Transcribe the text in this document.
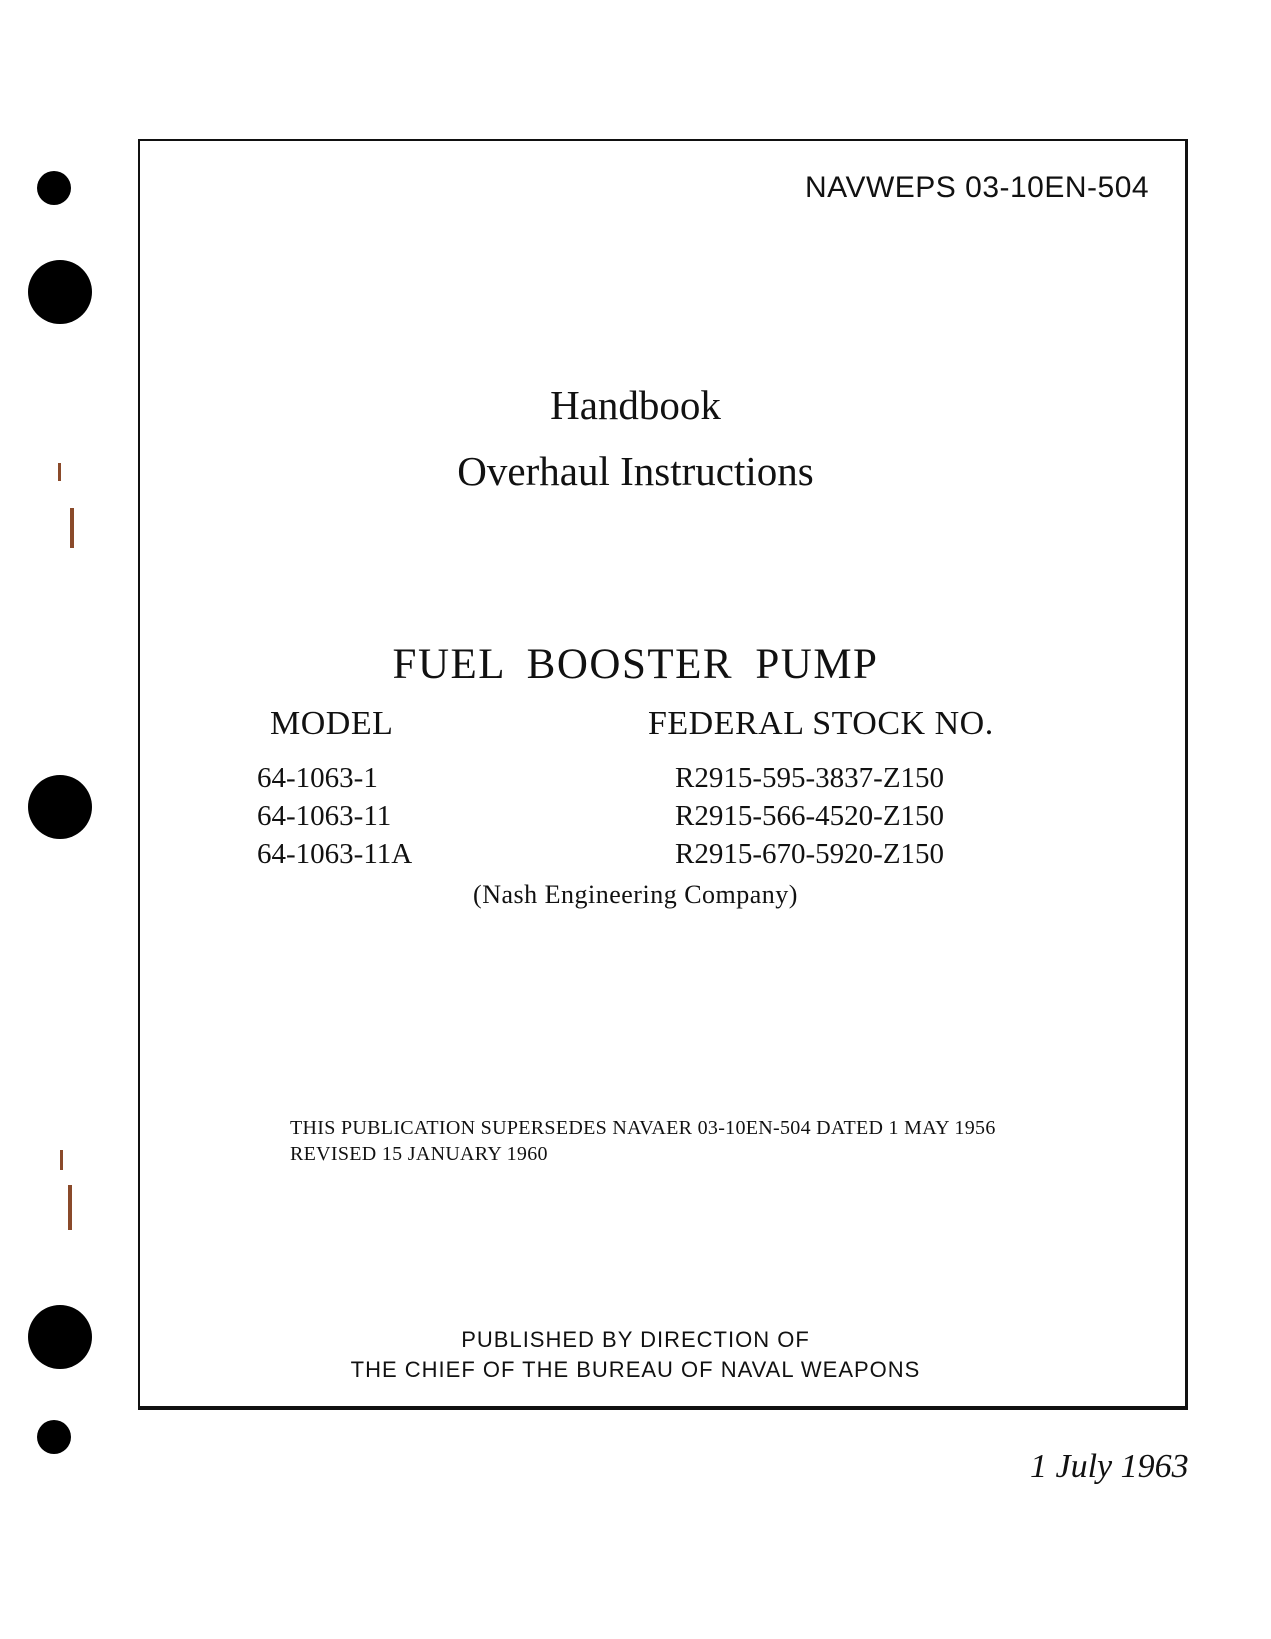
NAVWEPS 03-10EN-504
Handbook
Overhaul Instructions
FUEL BOOSTER PUMP
MODEL	FEDERAL STOCK NO.
64-1063-1	R2915-595-3837-Z150
64-1063-11	R2915-566-4520-Z150
64-1063-11A	R2915-670-5920-Z150
(Nash Engineering Company)
THIS PUBLICATION SUPERSEDES NAVAER 03-10EN-504 DATED 1 MAY 1956 REVISED 15 JANUARY 1960
PUBLISHED BY DIRECTION OF
THE CHIEF OF THE BUREAU OF NAVAL WEAPONS
1 July 1963
